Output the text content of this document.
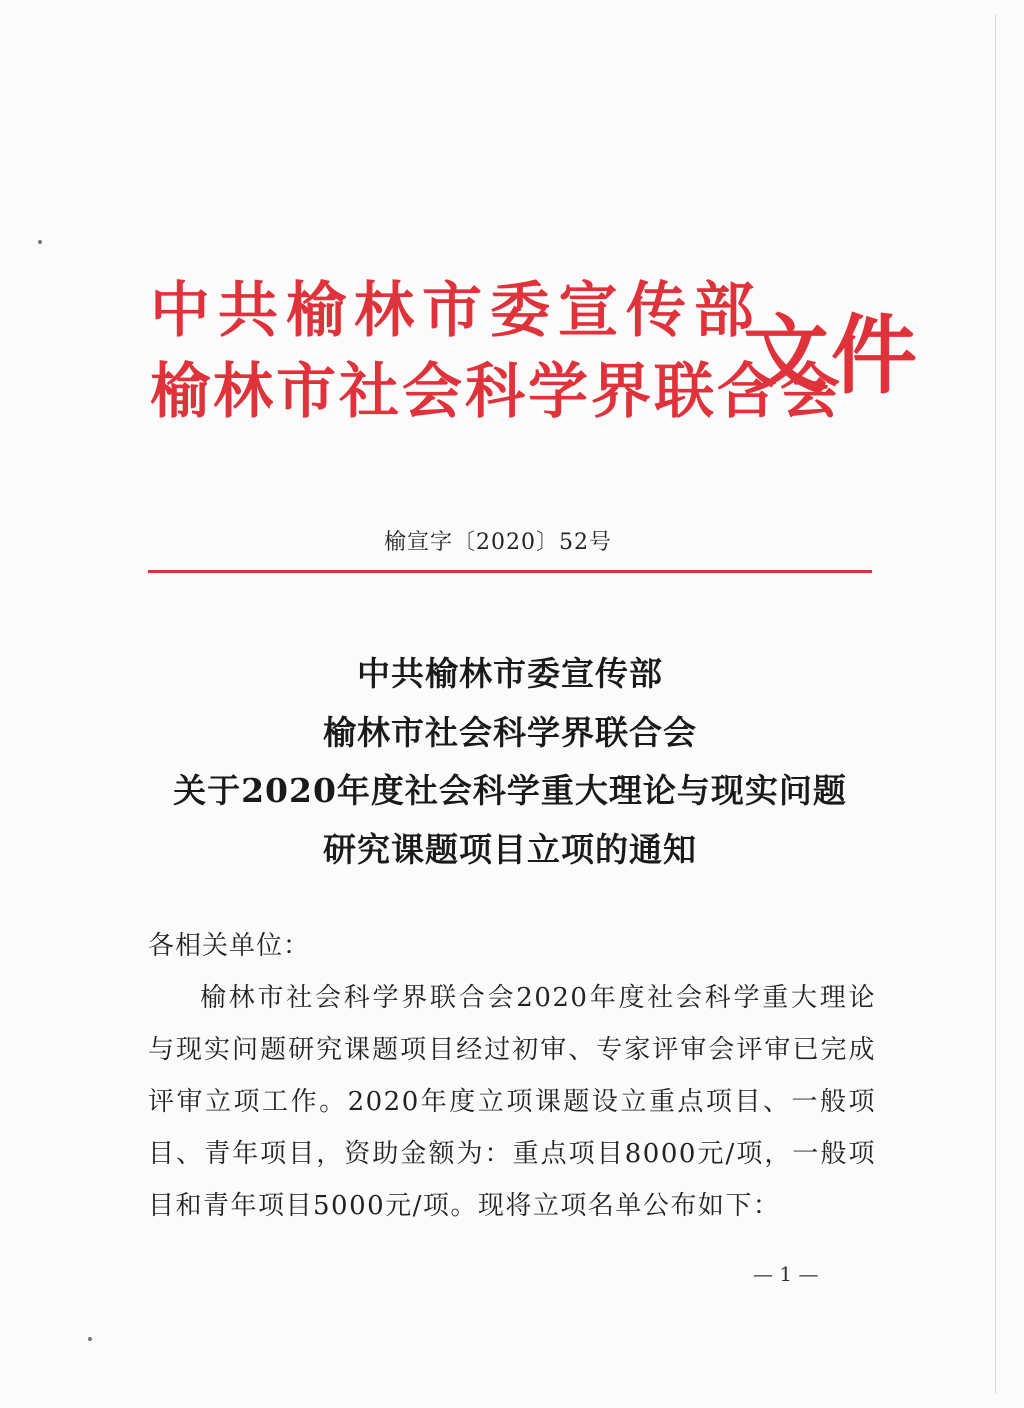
中共榆林市委宣传部
榆林市社会科学界联合会
文件
榆宣字〔2020〕52号
中共榆林市委宣传部
榆林市社会科学界联合会
关于2020年度社会科学重大理论与现实问题
研究课题项目立项的通知
各相关单位：
榆林市社会科学界联合会2020年度社会科学重大理论与现实问题研究课题项目经过初审、专家评审会评审已完成评审立项工作。2020年度立项课题设立重点项目、一般项目、青年项目，资助金额为：重点项目8000元/项，一般项目和青年项目5000元/项。现将立项名单公布如下：
— 1 —
